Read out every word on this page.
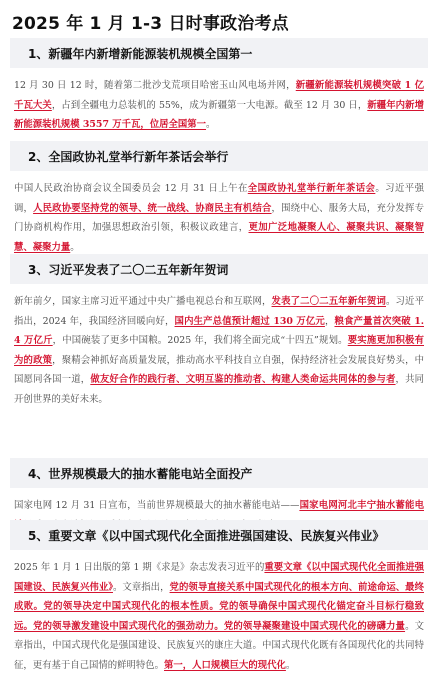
2025 年 1 月 1-3 日时事政治考点
1、新疆年内新增新能源装机规模全国第一
12 月 30 日 12 时，随着第二批沙戈荒项目哈密玉山风电场并网，新疆新能源装机规模突破 1 亿千瓦大关，占到全疆电力总装机的 55%，成为新疆第一大电源。截至 12 月 30 日，新疆年内新增新能源装机规模 3557 万千瓦，位居全国第一。
2、全国政协礼堂举行新年茶话会举行
中国人民政治协商会议全国委员会 12 月 31 日上午在全国政协礼堂举行新年茶话会。习近平强调，人民政协要坚持党的领导、统一战线、协商民主有机结合，围绕中心、服务大局，充分发挥专门协商机构作用，加强思想政治引领，积极议政建言，更加广泛地凝聚人心、凝聚共识、凝聚智慧、凝聚力量。
3、习近平发表了二〇二五年新年贺词
新年前夕，国家主席习近平通过中央广播电视总台和互联网，发表了二〇二五年新年贺词。习近平指出，2024 年，我国经济回暖向好，国内生产总值预计超过 130 万亿元，粮食产量首次突破 1.4 万亿斤，中国碗装了更多中国粮。2025 年，我们将全面完成“十四五”规划。要实施更加积极有为的政策，聚精会神抓好高质量发展，推动高水平科技自立自强，保持经济社会发展良好势头，中国愿同各国一道，做友好合作的践行者、文明互鉴的推动者、构建人类命运共同体的参与者，共同开创世界的美好未来。
4、世界规模最大的抽水蓄能电站全面投产
国家电网 12 月 31 日宣布，当前世界规模最大的抽水蓄能电站——国家电网河北丰宁抽水蓄能电
5、重要文章《以中国式现代化全面推进强国建设、民族复兴伟业》
2025 年 1 月 1 日出版的第 1 期《求是》杂志发表习近平的重要文章《以中国式现代化全面推进强国建设、民族复兴伟业》。文章指出，党的领导直接关系中国式现代化的根本方向、前途命运、最终成败。党的领导决定中国式现代化的根本性质。党的领导确保中国式现代化锚定奋斗目标行稳致远。党的领导激发建设中国式现代化的强劲动力。党的领导凝聚建设中国式现代化的磅礴力量。文章指出，中国式现代化是强国建设、民族复兴的康庄大道。中国式现代化既有各国现代化的共同特征，更有基于自己国情的鲜明特色。第一，人口规模巨大的现代化。
